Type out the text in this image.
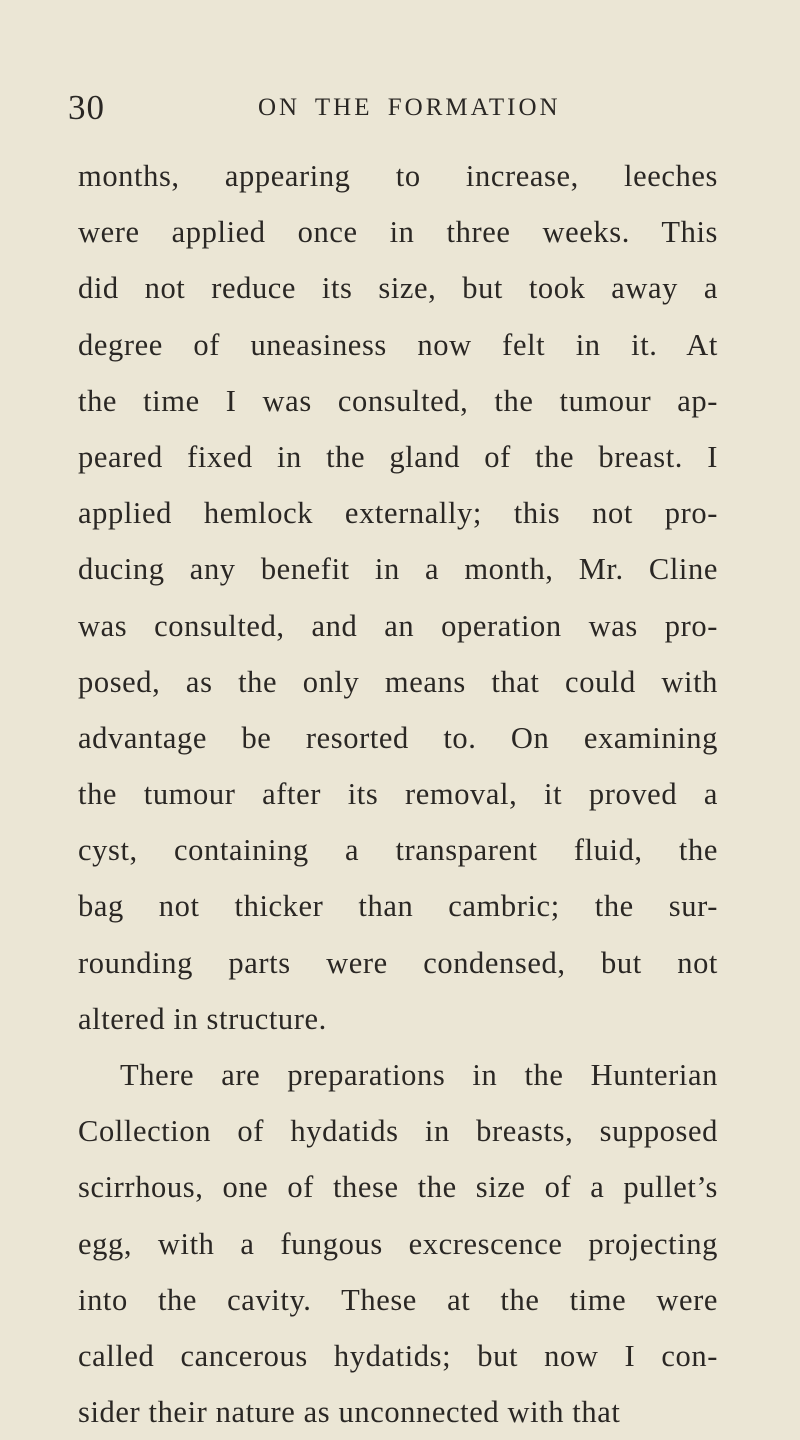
30	ON THE FORMATION
months, appearing to increase, leeches
were applied once in three weeks. This
did not reduce its size, but took away a
degree of uneasiness now felt in it. At
the time I was consulted, the tumour ap-
peared fixed in the gland of the breast. I
applied hemlock externally; this not pro-
ducing any benefit in a month, Mr. Cline
was consulted, and an operation was pro-
posed, as the only means that could with
advantage be resorted to. On examining
the tumour after its removal, it proved a
cyst, containing a transparent fluid, the
bag not thicker than cambric; the sur-
rounding parts were condensed, but not
altered in structure.
There are preparations in the Hunterian
Collection of hydatids in breasts, supposed
scirrhous, one of these the size of a pullet’s
egg, with a fungous excrescence projecting
into the cavity. These at the time were
called cancerous hydatids; but now I con-
sider their nature as unconnected with that
